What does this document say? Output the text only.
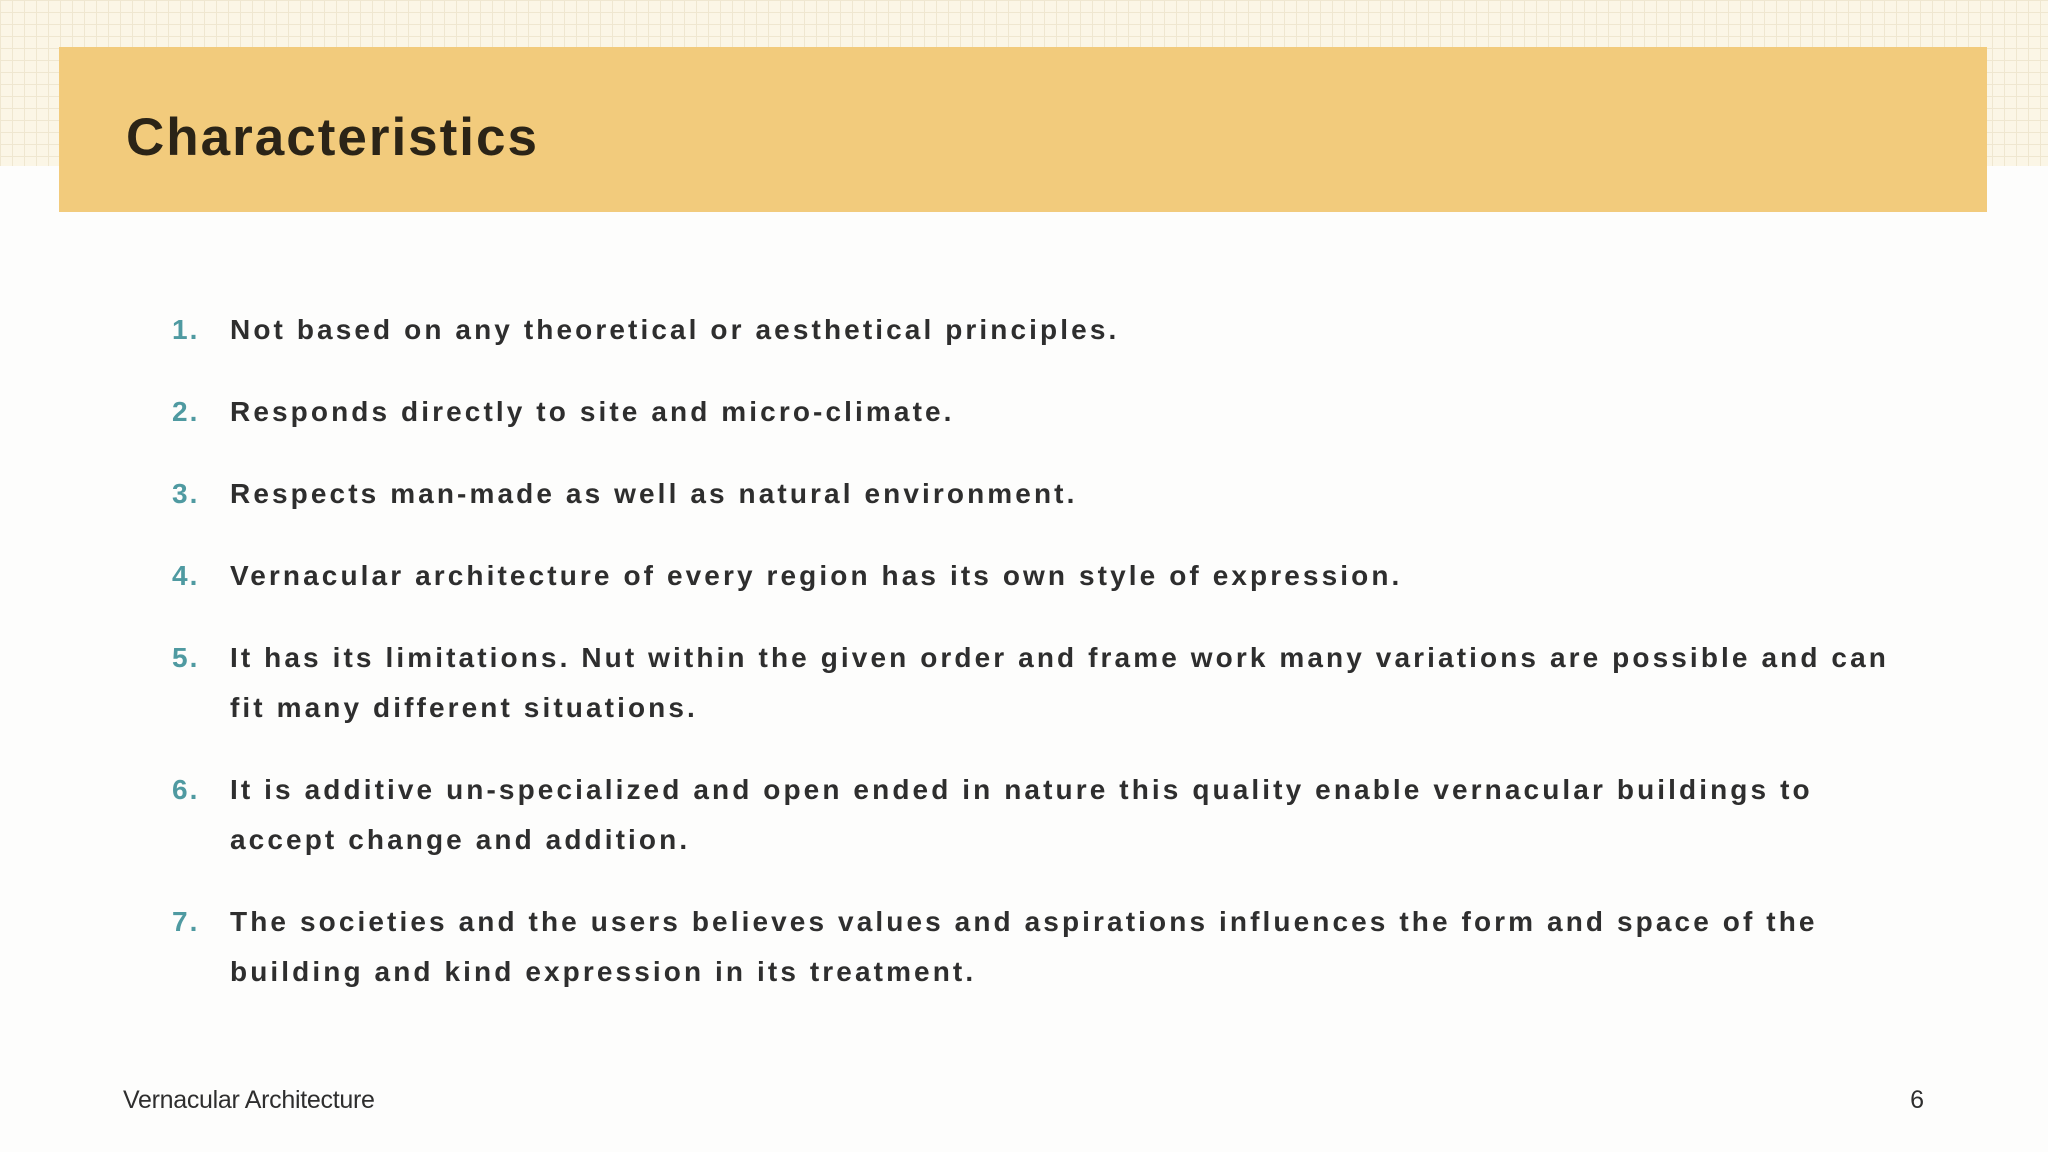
Characteristics
1. Not based on any theoretical or aesthetical principles.
2. Responds directly to site and micro-climate.
3. Respects man-made as well as natural environment.
4. Vernacular architecture of every region has its own style of expression.
5. It has its limitations. Nut within the given order and frame work many variations are possible and can fit many different situations.
6. It is additive un-specialized and open ended in nature this quality enable vernacular buildings to accept change and addition.
7. The societies and the users believes values and aspirations influences the form and space of the building and kind expression in its treatment.
Vernacular Architecture	6
